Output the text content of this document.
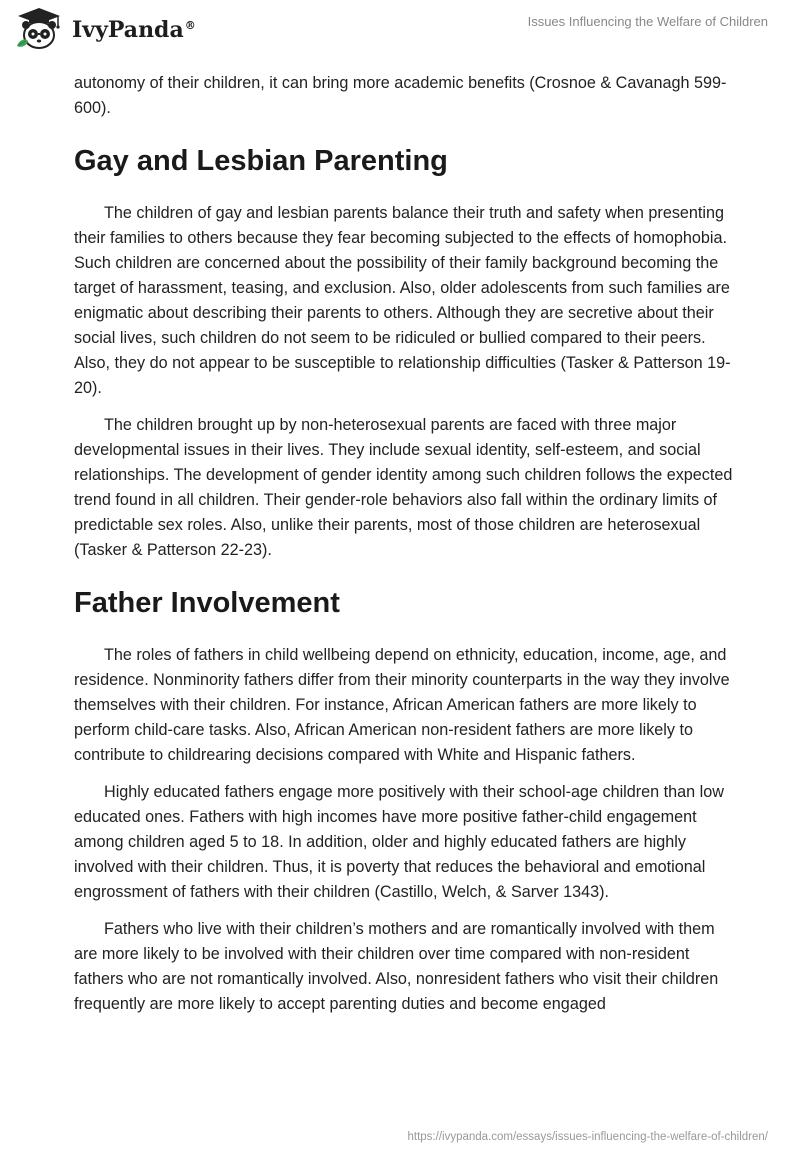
IvyPanda®	Issues Influencing the Welfare of Children

autonomy of their children, it can bring more academic benefits (Crosnoe & Cavanagh 599-600).

Gay and Lesbian Parenting

The children of gay and lesbian parents balance their truth and safety when presenting their families to others because they fear becoming subjected to the effects of homophobia. Such children are concerned about the possibility of their family background becoming the target of harassment, teasing, and exclusion. Also, older adolescents from such families are enigmatic about describing their parents to others. Although they are secretive about their social lives, such children do not seem to be ridiculed or bullied compared to their peers. Also, they do not appear to be susceptible to relationship difficulties (Tasker & Patterson 19-20).

The children brought up by non-heterosexual parents are faced with three major developmental issues in their lives. They include sexual identity, self-esteem, and social relationships. The development of gender identity among such children follows the expected trend found in all children. Their gender-role behaviors also fall within the ordinary limits of predictable sex roles. Also, unlike their parents, most of those children are heterosexual (Tasker & Patterson 22-23).

Father Involvement

The roles of fathers in child wellbeing depend on ethnicity, education, income, age, and residence. Nonminority fathers differ from their minority counterparts in the way they involve themselves with their children. For instance, African American fathers are more likely to perform child-care tasks. Also, African American non-resident fathers are more likely to contribute to childrearing decisions compared with White and Hispanic fathers.

Highly educated fathers engage more positively with their school-age children than low educated ones. Fathers with high incomes have more positive father-child engagement among children aged 5 to 18. In addition, older and highly educated fathers are highly involved with their children. Thus, it is poverty that reduces the behavioral and emotional engrossment of fathers with their children (Castillo, Welch, & Sarver 1343).

Fathers who live with their children’s mothers and are romantically involved with them are more likely to be involved with their children over time compared with non-resident fathers who are not romantically involved. Also, nonresident fathers who visit their children frequently are more likely to accept parenting duties and become engaged

https://ivypanda.com/essays/issues-influencing-the-welfare-of-children/
